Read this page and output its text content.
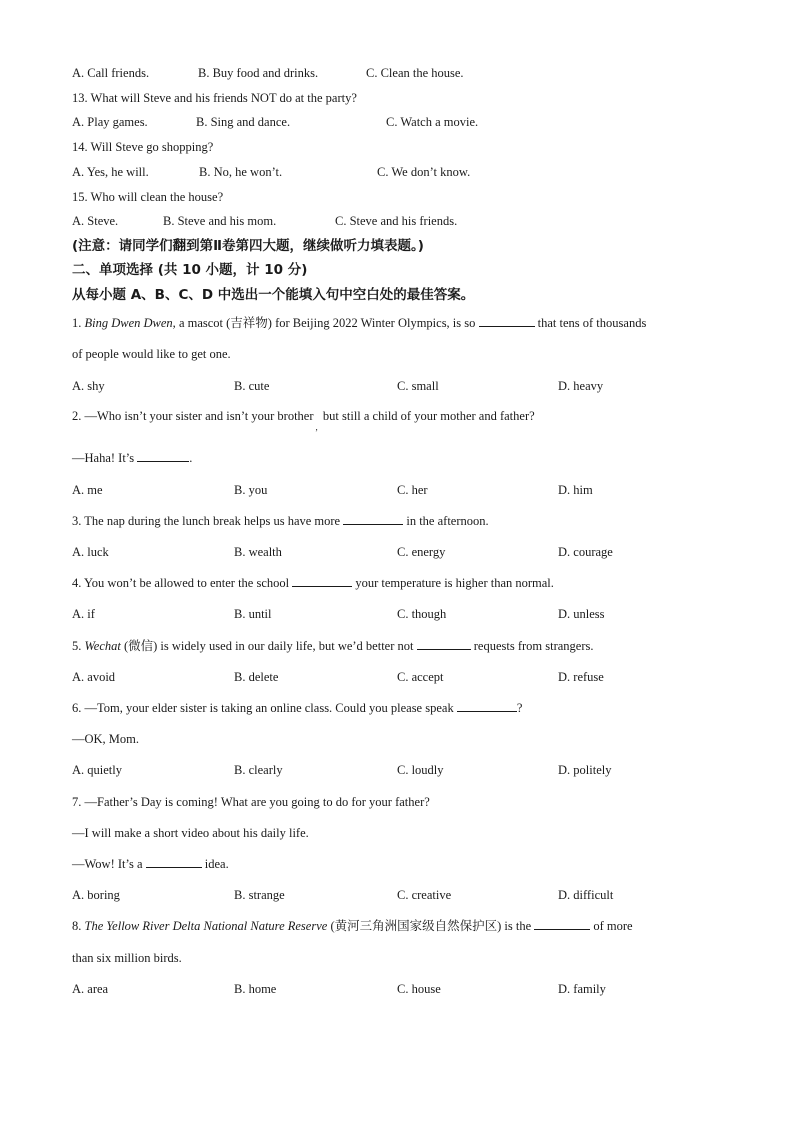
A. Call friends.	B. Buy food and drinks.	C. Clean the house.
13. What will Steve and his friends NOT do at the party?
A. Play games.	B. Sing and dance.	C. Watch a movie.
14. Will Steve go shopping?
A. Yes, he will.	B. No, he won’t.	C. We don’t know.
15. Who will clean the house?
A. Steve.	B. Steve and his mom.	C. Steve and his friends.
(注意：请同学们翻到第Ⅱ卷第四大题，继续做听力填表题。)
二、单项选择 (共 10 小题，计 10 分)
从每小题 A、B、C、D 中选出一个能填入句中空白处的最佳答案。
1. Bing Dwen Dwen, a mascot (吉祥物) for Beijing 2022 Winter Olympics, is so	that tens of thousands
of people would like to get one.
A. shy	B. cute	C. small	D. heavy
2. —Who isn’t your sister and isn’t your brother$_,$ but still a child of your mother and father?
—Haha! It’s	.
A. me	B. you	C. her	D. him
3. The nap during the lunch break helps us have more	in the afternoon.
A. luck	B. wealth	C. energy	D. courage
4. You won’t be allowed to enter the school	your temperature is higher than normal.
A. if	B. until	C. though	D. unless
5. Wechat (微信) is widely used in our daily life, but we’d better not	requests from strangers.
A. avoid	B. delete	C. accept	D. refuse
6. —Tom, your elder sister is taking an online class. Could you please speak	?
—OK, Mom.
A. quietly	B. clearly	C. loudly	D. politely
7. —Father’s Day is coming! What are you going to do for your father?
—I will make a short video about his daily life.
—Wow! It’s a	idea.
A. boring	B. strange	C. creative	D. difficult
8. The Yellow River Delta National Nature Reserve (黄河三角洲国家级自然保护区) is the	of more
than six million birds.
A. area	B. home	C. house	D. family
